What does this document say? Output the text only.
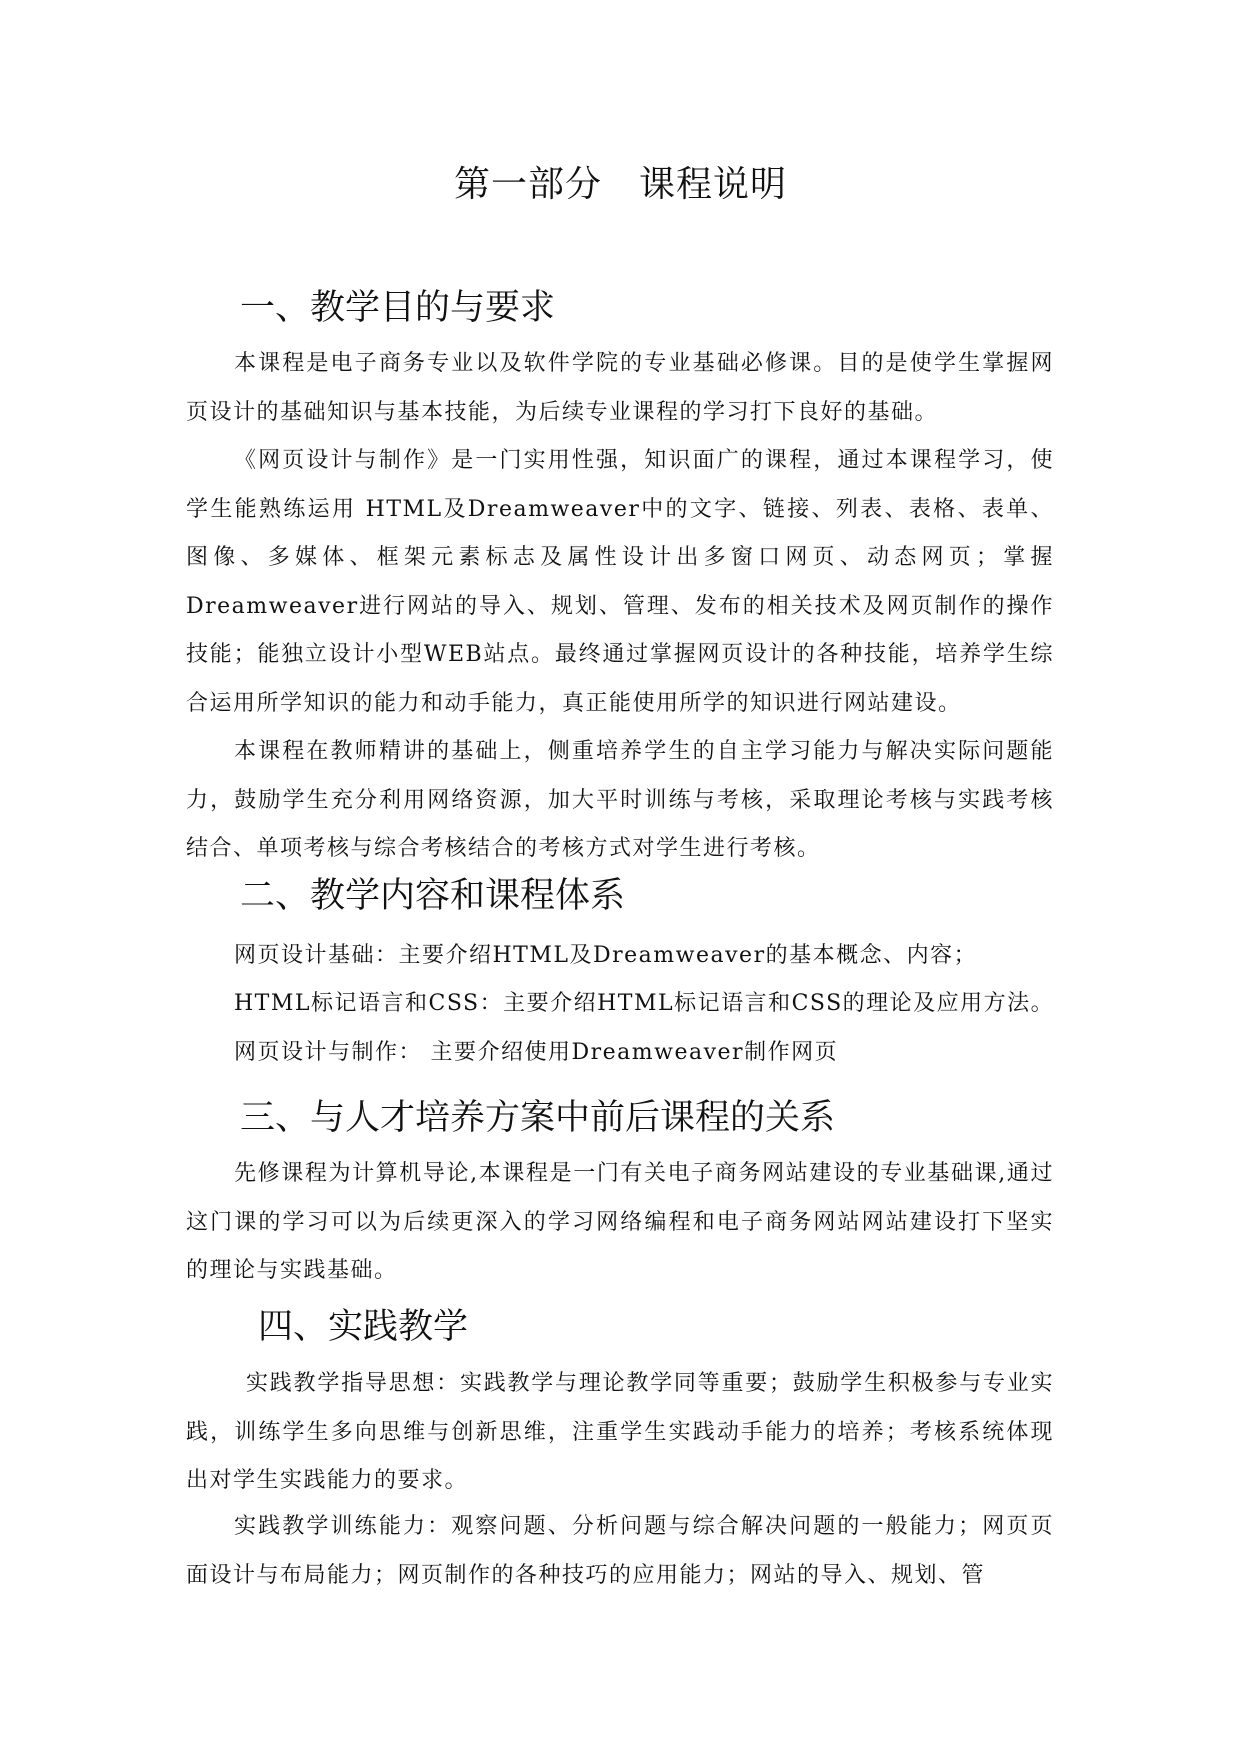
第一部分　课程说明
一、教学目的与要求

本课程是电子商务专业以及软件学院的专业基础必修课。目的是使学生掌握网页设计的基础知识与基本技能，为后续专业课程的学习打下良好的基础。

《网页设计与制作》是一门实用性强，知识面广的课程，通过本课程学习，使学生能熟练运用 HTML及Dreamweaver中的文字、链接、列表、表格、表单、图像、多媒体、框架元素标志及属性设计出多窗口网页、动态网页；掌握Dreamweaver进行网站的导入、规划、管理、发布的相关技术及网页制作的操作技能；能独立设计小型WEB站点。最终通过掌握网页设计的各种技能，培养学生综合运用所学知识的能力和动手能力，真正能使用所学的知识进行网站建设。

本课程在教师精讲的基础上，侧重培养学生的自主学习能力与解决实际问题能力，鼓励学生充分利用网络资源，加大平时训练与考核，采取理论考核与实践考核结合、单项考核与综合考核结合的考核方式对学生进行考核。

二、教学内容和课程体系

网页设计基础：主要介绍HTML及Dreamweaver的基本概念、内容；

HTML标记语言和CSS：主要介绍HTML标记语言和CSS的理论及应用方法。

网页设计与制作： 主要介绍使用Dreamweaver制作网页

三、与人才培养方案中前后课程的关系

先修课程为计算机导论,本课程是一门有关电子商务网站建设的专业基础课,通过这门课的学习可以为后续更深入的学习网络编程和电子商务网站网站建设打下坚实的理论与实践基础。

四、实践教学

实践教学指导思想：实践教学与理论教学同等重要；鼓励学生积极参与专业实践，训练学生多向思维与创新思维，注重学生实践动手能力的培养；考核系统体现出对学生实践能力的要求。

实践教学训练能力：观察问题、分析问题与综合解决问题的一般能力；网页页面设计与布局能力；网页制作的各种技巧的应用能力；网站的导入、规划、管
